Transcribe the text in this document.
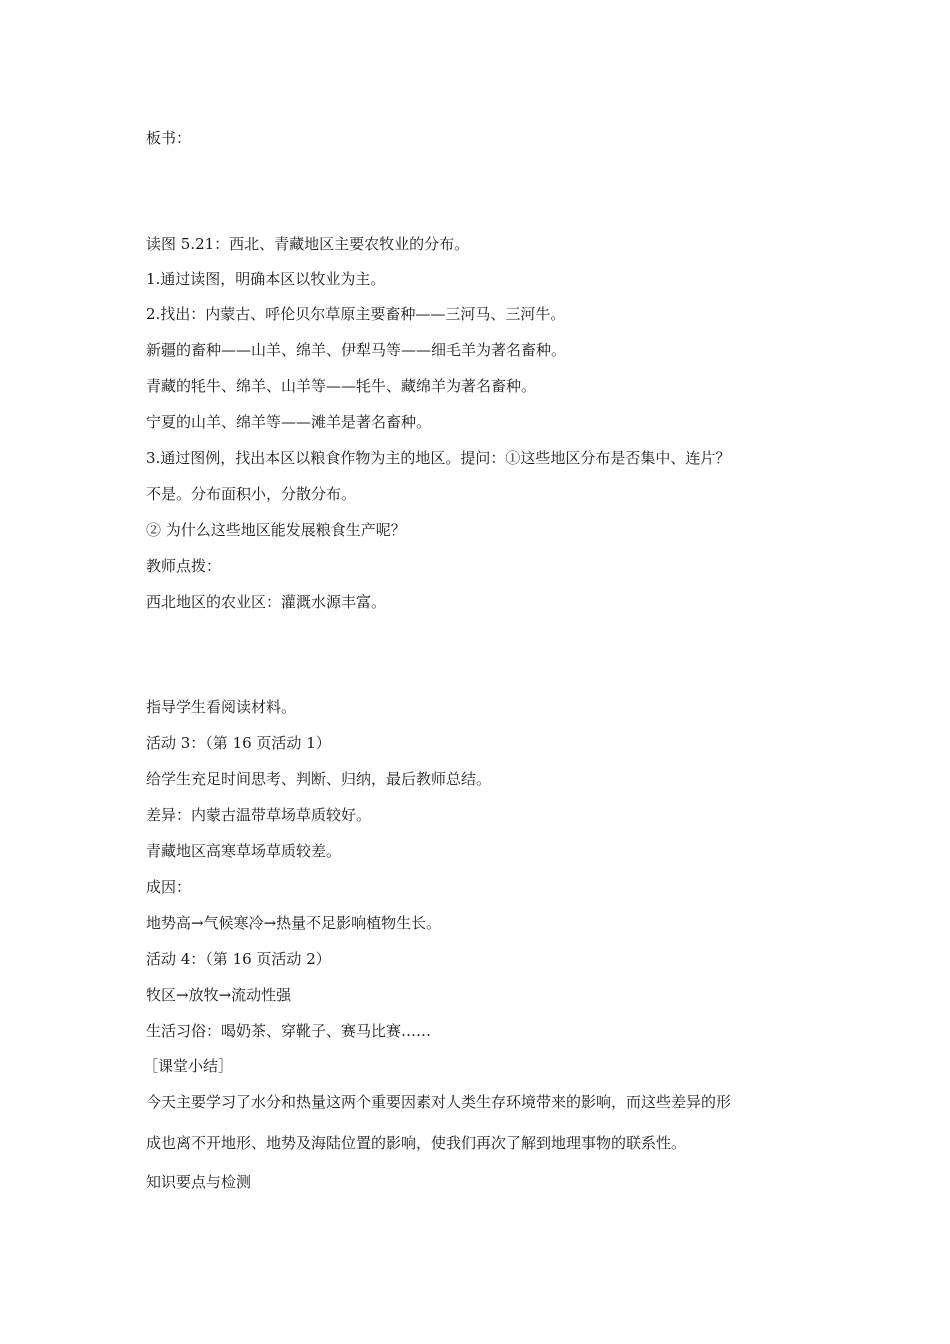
板书：
读图 5.21：西北、青藏地区主要农牧业的分布。
1.通过读图，明确本区以牧业为主。
2.找出：内蒙古、呼伦贝尔草原主要畜种——三河马、三河牛。
新疆的畜种——山羊、绵羊、伊犁马等——细毛羊为著名畜种。
青藏的牦牛、绵羊、山羊等——牦牛、藏绵羊为著名畜种。
宁夏的山羊、绵羊等——滩羊是著名畜种。
3.通过图例，找出本区以粮食作物为主的地区。提问：①这些地区分布是否集中、连片？
不是。分布面积小，分散分布。
② 为什么这些地区能发展粮食生产呢？
教师点拨：
西北地区的农业区：灌溉水源丰富。
指导学生看阅读材料。
活动 3：（第 16 页活动 1）
给学生充足时间思考、判断、归纳，最后教师总结。
差异：内蒙古温带草场草质较好。
青藏地区高寒草场草质较差。
成因：
地势高→气候寒冷→热量不足影响植物生长。
活动 4：（第 16 页活动 2）
牧区→放牧→流动性强
生活习俗：喝奶茶、穿靴子、赛马比赛……
［课堂小结］
今天主要学习了水分和热量这两个重要因素对人类生存环境带来的影响，而这些差异的形
成也离不开地形、地势及海陆位置的影响，使我们再次了解到地理事物的联系性。
知识要点与检测
